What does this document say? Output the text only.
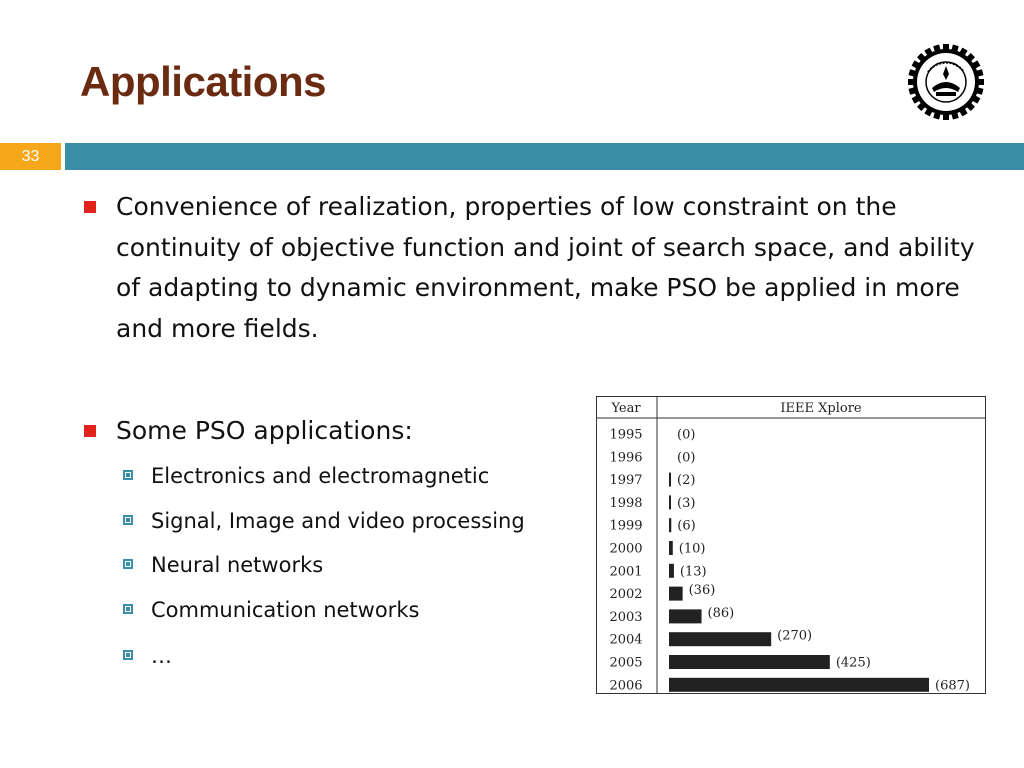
Applications
33
Convenience of realization, properties of low constraint on the continuity of objective function and joint of search space, and ability of adapting to dynamic environment, make PSO be applied in more and more fields.
Some PSO applications:
Electronics and electromagnetic
Signal, Image and video processing
Neural networks
Communication networks
…
Year	IEEE Xplore
1995	(0)
1996	(0)
1997	(2)
1998	(3)
1999	(6)
2000	(10)
2001	(13)
2002	(36)
2003	(86)
2004	(270)
2005	(425)
2006	(687)
